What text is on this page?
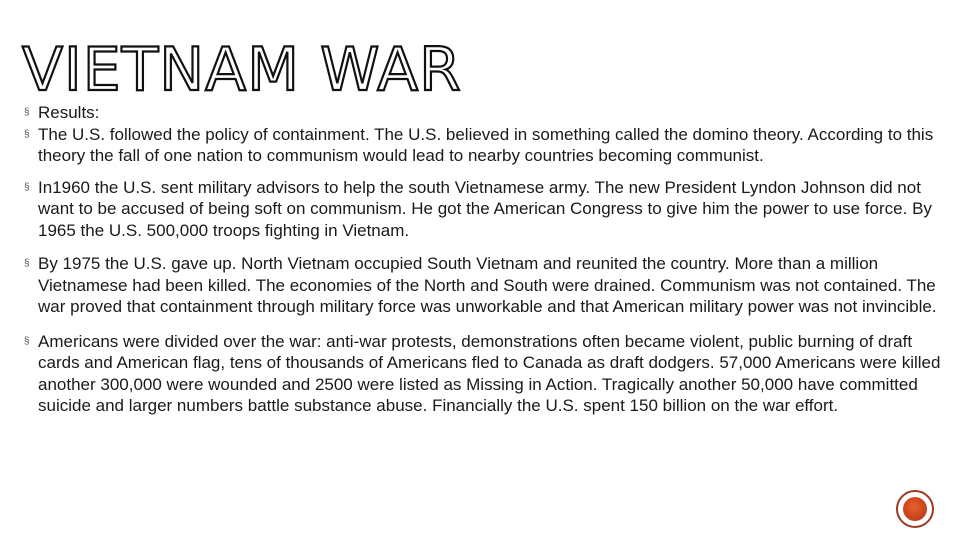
VIETNAM WAR
§ Results:
§ The U.S. followed the policy of containment. The U.S. believed in something called the domino theory. According to this theory the fall of one nation to communism would lead to nearby countries becoming communist.
§ In1960 the U.S. sent military advisors to help the south Vietnamese army. The new President Lyndon Johnson did not want to be accused of being soft on communism. He got the American Congress to give him the power to use force. By 1965 the U.S. 500,000 troops fighting in Vietnam.
§ By 1975 the U.S. gave up. North Vietnam occupied South Vietnam and reunited the country. More than a million Vietnamese had been killed. The economies of the North and South were drained. Communism was not contained. The war proved that containment through military force was unworkable and that American military power was not invincible.
§ Americans were divided over the war: anti-war protests, demonstrations often became violent, public burning of draft cards and American flag, tens of thousands of Americans fled to Canada as draft dodgers. 57,000 Americans were killed another 300,000 were wounded and 2500 were listed as Missing in Action. Tragically another 50,000 have committed suicide and larger numbers battle substance abuse. Financially the U.S. spent 150 billion on the war effort.
